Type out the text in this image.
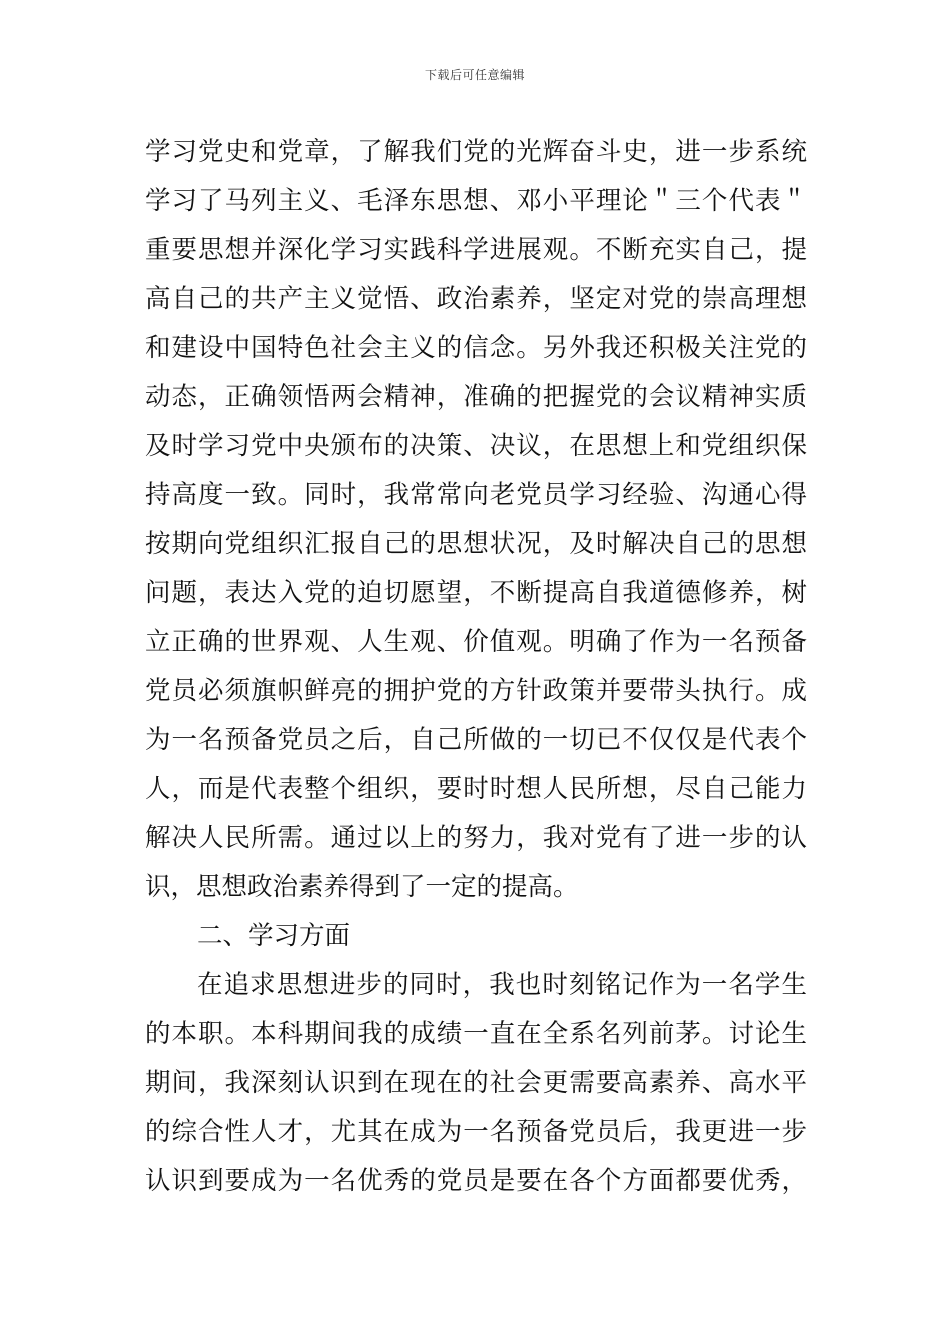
下载后可任意编辑
学习党史和党章，了解我们党的光辉奋斗史，进一步系统
学习了马列主义、毛泽东思想、邓小平理论＂三个代表＂
重要思想并深化学习实践科学进展观。不断充实自己，提
高自己的共产主义觉悟、政治素养，坚定对党的崇高理想
和建设中国特色社会主义的信念。另外我还积极关注党的
动态，正确领悟两会精神，准确的把握党的会议精神实质
及时学习党中央颁布的决策、决议，在思想上和党组织保
持高度一致。同时，我常常向老党员学习经验、沟通心得
按期向党组织汇报自己的思想状况，及时解决自己的思想
问题，表达入党的迫切愿望，不断提高自我道德修养，树
立正确的世界观、人生观、价值观。明确了作为一名预备
党员必须旗帜鲜亮的拥护党的方针政策并要带头执行。成
为一名预备党员之后，自己所做的一切已不仅仅是代表个
人，而是代表整个组织，要时时想人民所想，尽自己能力
解决人民所需。通过以上的努力，我对党有了进一步的认
识，思想政治素养得到了一定的提高。
二、学习方面
在追求思想进步的同时，我也时刻铭记作为一名学生
的本职。本科期间我的成绩一直在全系名列前茅。讨论生
期间，我深刻认识到在现在的社会更需要高素养、高水平
的综合性人才，尤其在成为一名预备党员后，我更进一步
认识到要成为一名优秀的党员是要在各个方面都要优秀，
